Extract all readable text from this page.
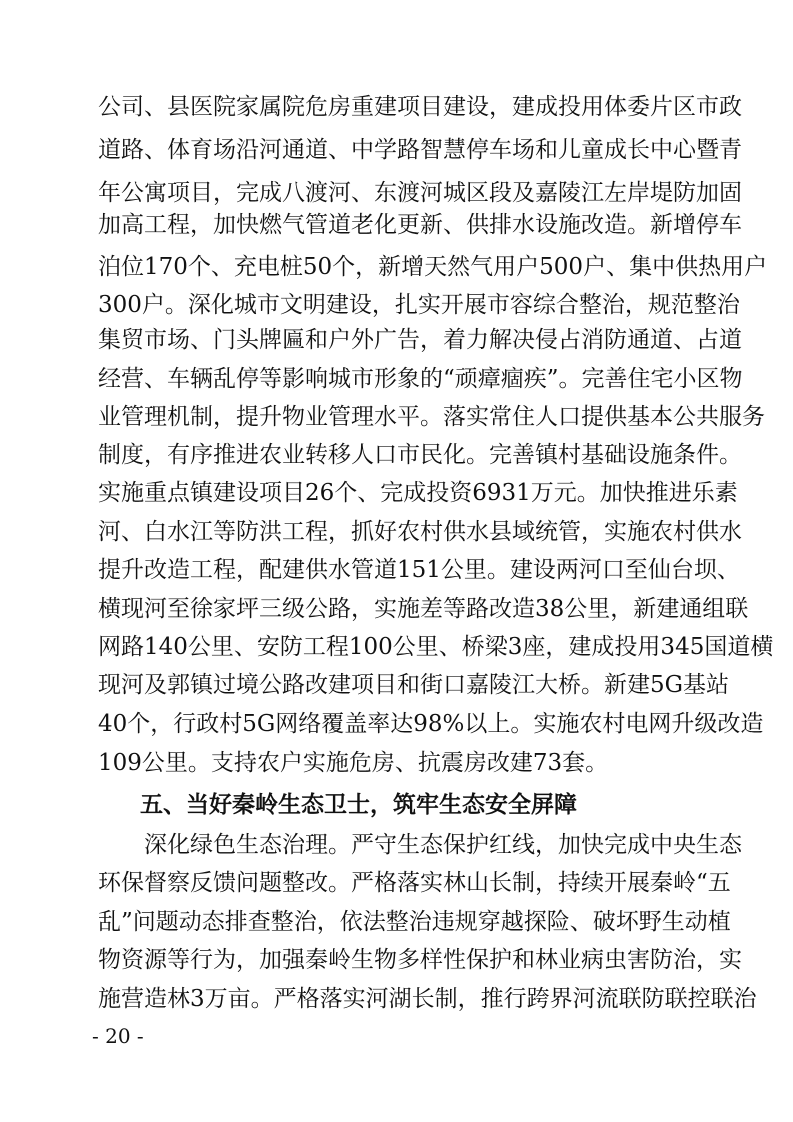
公司、县医院家属院危房重建项目建设，建成投用体委片区市政
道路、体育场沿河通道、中学路智慧停车场和儿童成长中心暨青
年公寓项目，完成八渡河、东渡河城区段及嘉陵江左岸堤防加固
加高工程，加快燃气管道老化更新、供排水设施改造。新增停车
泊位170个、充电桩50个，新增天然气用户500户、集中供热用户
300户。深化城市文明建设，扎实开展市容综合整治，规范整治
集贸市场、门头牌匾和户外广告，着力解决侵占消防通道、占道
经营、车辆乱停等影响城市形象的“顽瘴痼疾”。完善住宅小区物
业管理机制，提升物业管理水平。落实常住人口提供基本公共服务
制度，有序推进农业转移人口市民化。完善镇村基础设施条件。
实施重点镇建设项目26个、完成投资6931万元。加快推进乐素
河、白水江等防洪工程，抓好农村供水县域统管，实施农村供水
提升改造工程，配建供水管道151公里。建设两河口至仙台坝、
横现河至徐家坪三级公路，实施差等路改造38公里，新建通组联
网路140公里、安防工程100公里、桥梁3座，建成投用345国道横
现河及郭镇过境公路改建项目和街口嘉陵江大桥。新建5G基站
40个，行政村5G网络覆盖率达98%以上。实施农村电网升级改造
109公里。支持农户实施危房、抗震房改建73套。
五、当好秦岭生态卫士，筑牢生态安全屏障
深化绿色生态治理。严守生态保护红线，加快完成中央生态
环保督察反馈问题整改。严格落实林山长制，持续开展秦岭“五
乱”问题动态排查整治，依法整治违规穿越探险、破坏野生动植
物资源等行为，加强秦岭生物多样性保护和林业病虫害防治，实
施营造林3万亩。严格落实河湖长制，推行跨界河流联防联控联治
- 20 -
